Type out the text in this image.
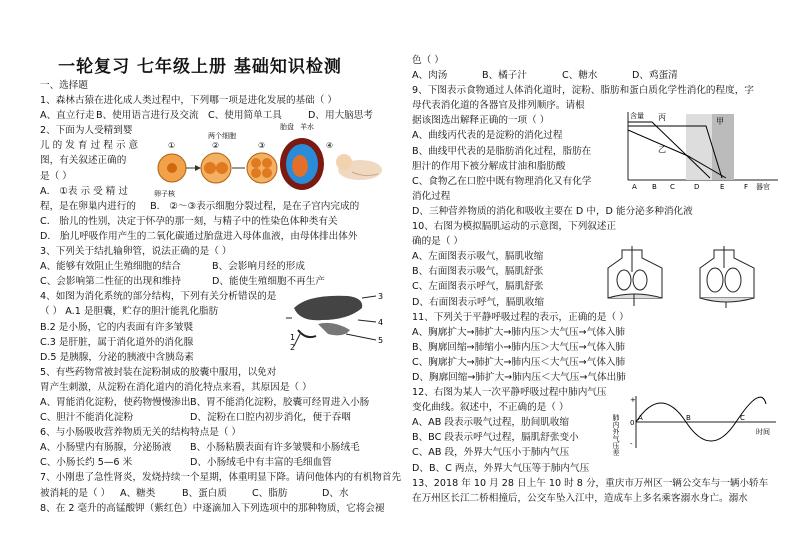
一轮复习 七年级上册 基础知识检测
一、选择题
1、森林古猿在进化成人类过程中，下列哪一项是进化发展的基础（ ）
A、直立行走 B、使用语言进行及交流 C、使用简单工具	D、用大脑思考
2、下面为人受精到婴
儿 的 发 育 过 程 示 意
图，有关叙述正确的
是（ ）
A． ①表 示 受 精 过
程，是在卵巢内进行的 B． ②～③表示细胞分裂过程，是在子宫内完成的
C． 胎儿的性别，决定于怀孕的那一刻，与精子中的性染色体种类有关
D． 胎儿呼吸作用产生的二氧化碳通过胎盘进入母体血液，由母体排出体外
3、下列关于结扎输卵管，说法正确的是（ ）
A、能够有效阻止生殖细胞的结合	B、会影响月经的形成
C、会影响第二性征的出现和维持	D、能使生殖细胞不再生产
4、如图为消化系统的部分结构，下列有关分析错误的是
（ ） A.1 是胆囊，贮存的胆汁能乳化脂肪
B.2 是小肠，它的内表面有许多皱襞
C.3 是肝脏，属于消化道外的消化腺
D.5 是胰腺，分泌的胰液中含胰岛素
5、有些药物常被封装在淀粉制成的胶囊中服用，以免对
胃产生刺激，从淀粉在消化道内的消化特点来看，其原因是（ ）
A、胃能消化淀粉，使药物慢慢渗出 B、胃不能消化淀粉，胶囊可经胃进入小肠
C、胆汁不能消化淀粉	D、淀粉在口腔内初步消化，便于吞咽
6、与小肠吸收营养物质无关的结构特点是（ ）
A、小肠壁内有肠腺，分泌肠液	B、小肠粘膜表面有许多皱襞和小肠绒毛
C、小肠长约 5—6 米	D、小肠绒毛中有丰富的毛细血管
7、小刚患了急性肾炎，发烧持续一个星期，体重明显下降。请问他体内的有机物首先
被消耗的是（ ）	A、糖类	B、蛋白质	C、脂肪	D、水
8、在 2 毫升的高锰酸钾（紫红色）中逐滴加入下列选项中的那种物质，它将会褪
两个细胞
胎盘 羊水
卵子核
①	②	③	④
3
4
5
1
2
色（ ）
A、肉汤	B、橘子汁	C、糖水	D、鸡蛋清
9、下图表示食物通过人体消化道时，淀粉、脂肪和蛋白质化学性消化的程度，字
母代表消化道的各器官及排列顺序。请根
据该图选出解释正确的一项（ ）
A、曲线丙代表的是淀粉的消化过程
B、曲线甲代表的是脂肪消化过程，脂肪在
胆汁的作用下被分解成甘油和脂肪酸
C、食物乙在口腔中既有物理消化又有化学
消化过程
D、三种营养物质的消化和吸收主要在 D 中，D 能分泌多种消化液
10、右图为模拟膈肌运动的示意图，下列叙述正
确的是（ ）
A、左面图表示吸气，膈肌收缩
B、右面图表示吸气，膈肌舒张
C、左面图表示呼气，膈肌舒张
D、右面图表示呼气，膈肌收缩
11、下列关于平静呼吸过程的表示，正确的是（ ）
A、胸廓扩大→肺扩大→肺内压＞大气压→气体入肺
B、胸廓回缩→肺缩小→肺内压＞大气压→气体入肺
C、胸廓扩大→肺扩大→肺内压＜大气压→气体入肺
D、胸廓回缩→肺扩大→肺内压＜大气压→气体出肺
12、右图为某人一次平静呼吸过程中肺内气压
变化曲线。叙述中，不正确的是（ ）
A、AB 段表示吸气过程，肋间肌收缩
B、BC 段表示呼气过程，膈肌舒张变小
C、AB 段，外界大气压小于肺内气压
D、B、C 两点，外界大气压等于肺内气压
13、2018 年 10 月 28 日上午 10 时 8 分，重庆市万州区一辆公交车与一辆小轿车
在万州区长江二桥相撞后，公交车坠入江中，造成车上多名乘客溺水身亡。溺水
含量 丙	甲
乙
A B C	D	E	F 器官
肺内外气压差	时间
0
+
-
A	B	C
